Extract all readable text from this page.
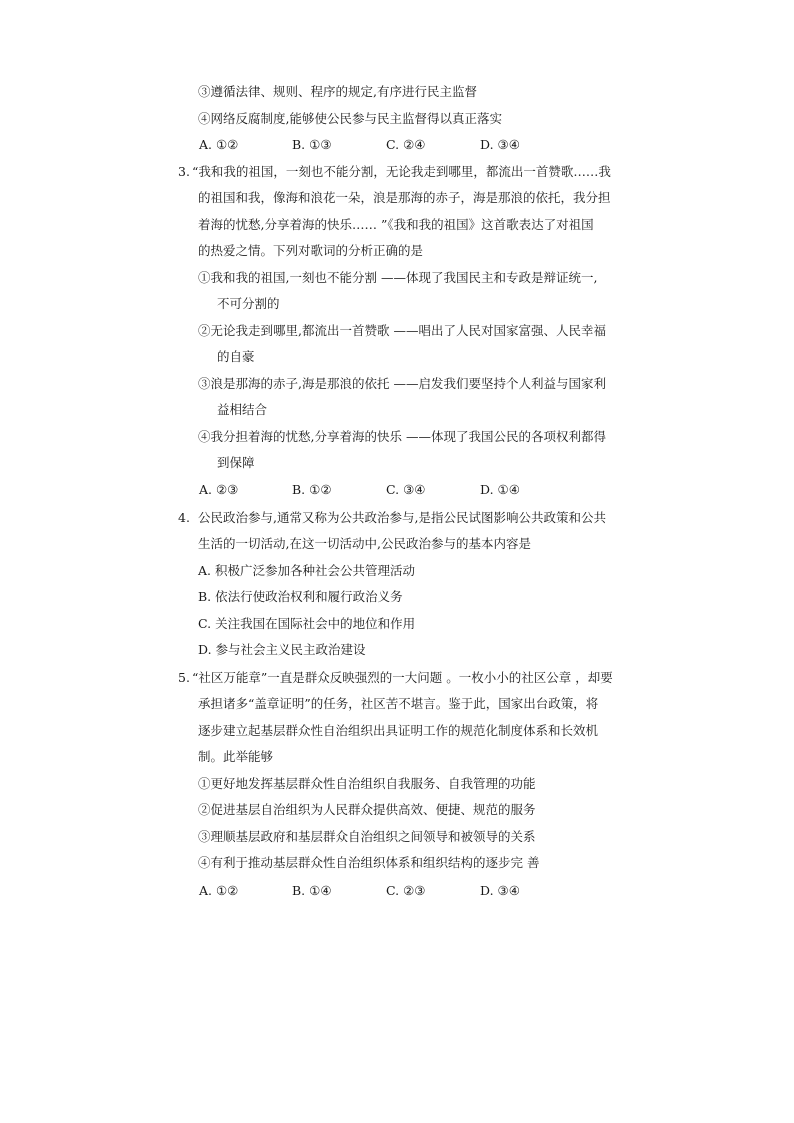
③遵循法律、规则、程序的规定,有序进行民主监督
④网络反腐制度,能够使公民参与民主监督得以真正落实
A. ①②	B. ①③	C. ②④	D. ③④
3. “我和我的祖国，一刻也不能分割，无论我走到哪里，都流出一首赞歌……我
的祖国和我，像海和浪花一朵，浪是那海的赤子，海是那浪的依托，我分担
着海的忧愁,分享着海的快乐…… ”《我和我的祖国》这首歌表达了对祖国
的热爱之情。下列对歌词的分析正确的是
①我和我的祖国,一刻也不能分割 ——体现了我国民主和专政是辩证统一,
不可分割的
②无论我走到哪里,都流出一首赞歌 ——唱出了人民对国家富强、人民幸福
的自豪
③浪是那海的赤子,海是那浪的依托 ——启发我们要坚持个人利益与国家利
益相结合
④我分担着海的忧愁,分享着海的快乐 ——体现了我国公民的各项权利都得
到保障
A. ②③	B. ①②	C. ③④	D. ①④
4. 公民政治参与,通常又称为公共政治参与,是指公民试图影响公共政策和公共
生活的一切活动,在这一切活动中,公民政治参与的基本内容是
A. 积极广泛参加各种社会公共管理活动
B. 依法行使政治权利和履行政治义务
C. 关注我国在国际社会中的地位和作用
D. 参与社会主义民主政治建设
5. “社区万能章”一直是群众反映强烈的一大问题 。一枚小小的社区公章 ，却要
承担诸多“盖章证明”的任务，社区苦不堪言。鉴于此，国家出台政策，将
逐步建立起基层群众性自治组织出具证明工作的规范化制度体系和长效机
制。此举能够
①更好地发挥基层群众性自治组织自我服务、自我管理的功能
②促进基层自治组织为人民群众提供高效、便捷、规范的服务
③理顺基层政府和基层群众自治组织之间领导和被领导的关系
④有利于推动基层群众性自治组织体系和组织结构的逐步完 善
A. ①②	B. ①④	C. ②③	D. ③④
